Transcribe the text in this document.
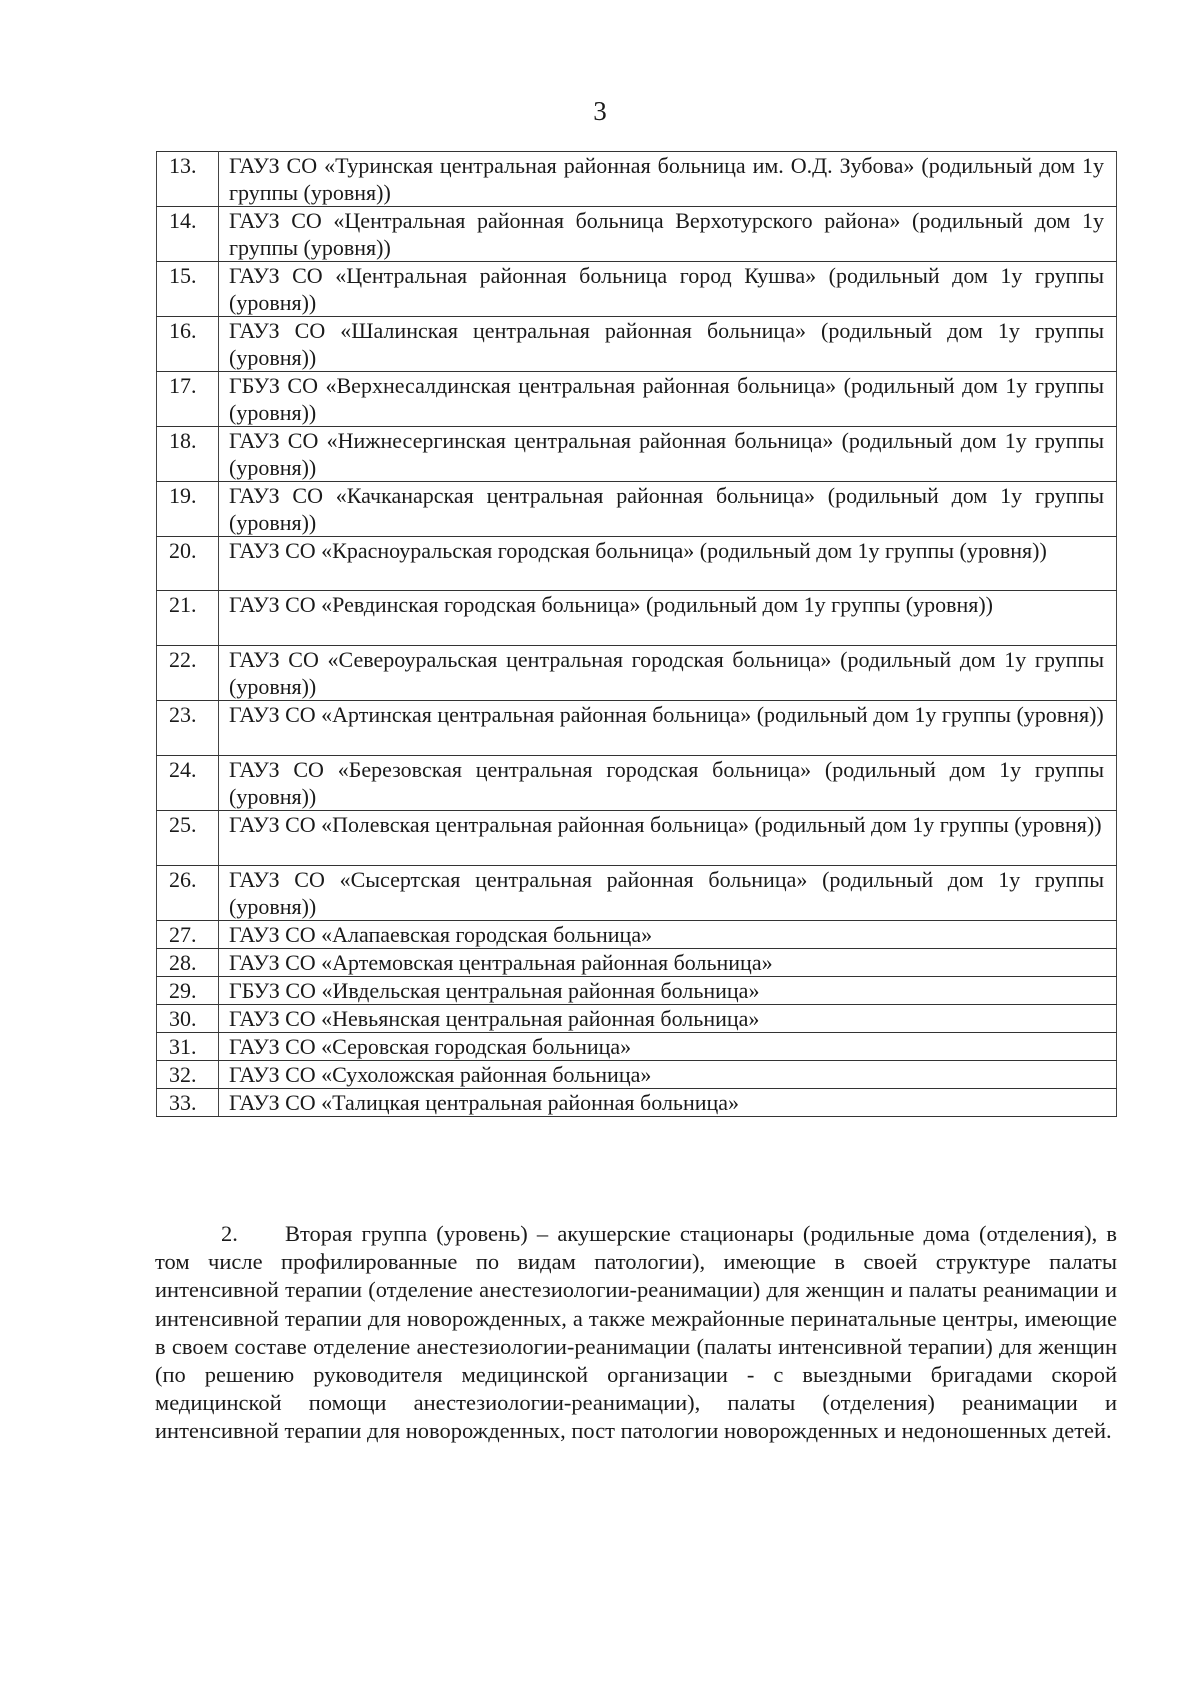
3
13.	ГАУЗ СО «Туринская центральная районная больница им. О.Д. Зубова» (родильный дом 1у группы (уровня))
14.	ГАУЗ СО «Центральная районная больница Верхотурского района» (родильный дом 1у группы (уровня))
15.	ГАУЗ СО «Центральная районная больница город Кушва» (родильный дом 1у группы (уровня))
16.	ГАУЗ СО «Шалинская центральная районная больница» (родильный дом 1у группы (уровня))
17.	ГБУЗ СО «Верхнесалдинская центральная районная больница» (родильный дом 1у группы (уровня))
18.	ГАУЗ СО «Нижнесергинская центральная районная больница» (родильный дом 1у группы (уровня))
19.	ГАУЗ СО «Качканарская центральная районная больница» (родильный дом 1у группы (уровня))
20.	ГАУЗ СО «Красноуральская городская больница» (родильный дом 1у группы (уровня))
21.	ГАУЗ СО «Ревдинская городская больница» (родильный дом 1у группы (уровня))
22.	ГАУЗ СО «Североуральская центральная городская больница» (родильный дом 1у группы (уровня))
23.	ГАУЗ СО «Артинская центральная районная больница» (родильный дом 1у группы (уровня))
24.	ГАУЗ СО «Березовская центральная городская больница» (родильный дом 1у группы (уровня))
25.	ГАУЗ СО «Полевская центральная районная больница» (родильный дом 1у группы (уровня))
26.	ГАУЗ СО «Сысертская центральная районная больница» (родильный дом 1у группы (уровня))
27.	ГАУЗ СО «Алапаевская городская больница»
28.	ГАУЗ СО «Артемовская центральная районная больница»
29.	ГБУЗ СО «Ивдельская центральная районная больница»
30.	ГАУЗ СО «Невьянская центральная районная больница»
31.	ГАУЗ СО «Серовская городская больница»
32.	ГАУЗ СО «Сухоложская районная больница»
33.	ГАУЗ СО «Талицкая центральная районная больница»

2. Вторая группа (уровень) – акушерские стационары (родильные дома (отделения), в том числе профилированные по видам патологии), имеющие в своей структуре палаты интенсивной терапии (отделение анестезиологии-реанимации) для женщин и палаты реанимации и интенсивной терапии для новорожденных, а также межрайонные перинатальные центры, имеющие в своем составе отделение анестезиологии-реанимации (палаты интенсивной терапии) для женщин (по решению руководителя медицинской организации - с выездными бригадами скорой медицинской помощи анестезиологии-реанимации), палаты (отделения) реанимации и интенсивной терапии для новорожденных, пост патологии новорожденных и недоношенных детей.
